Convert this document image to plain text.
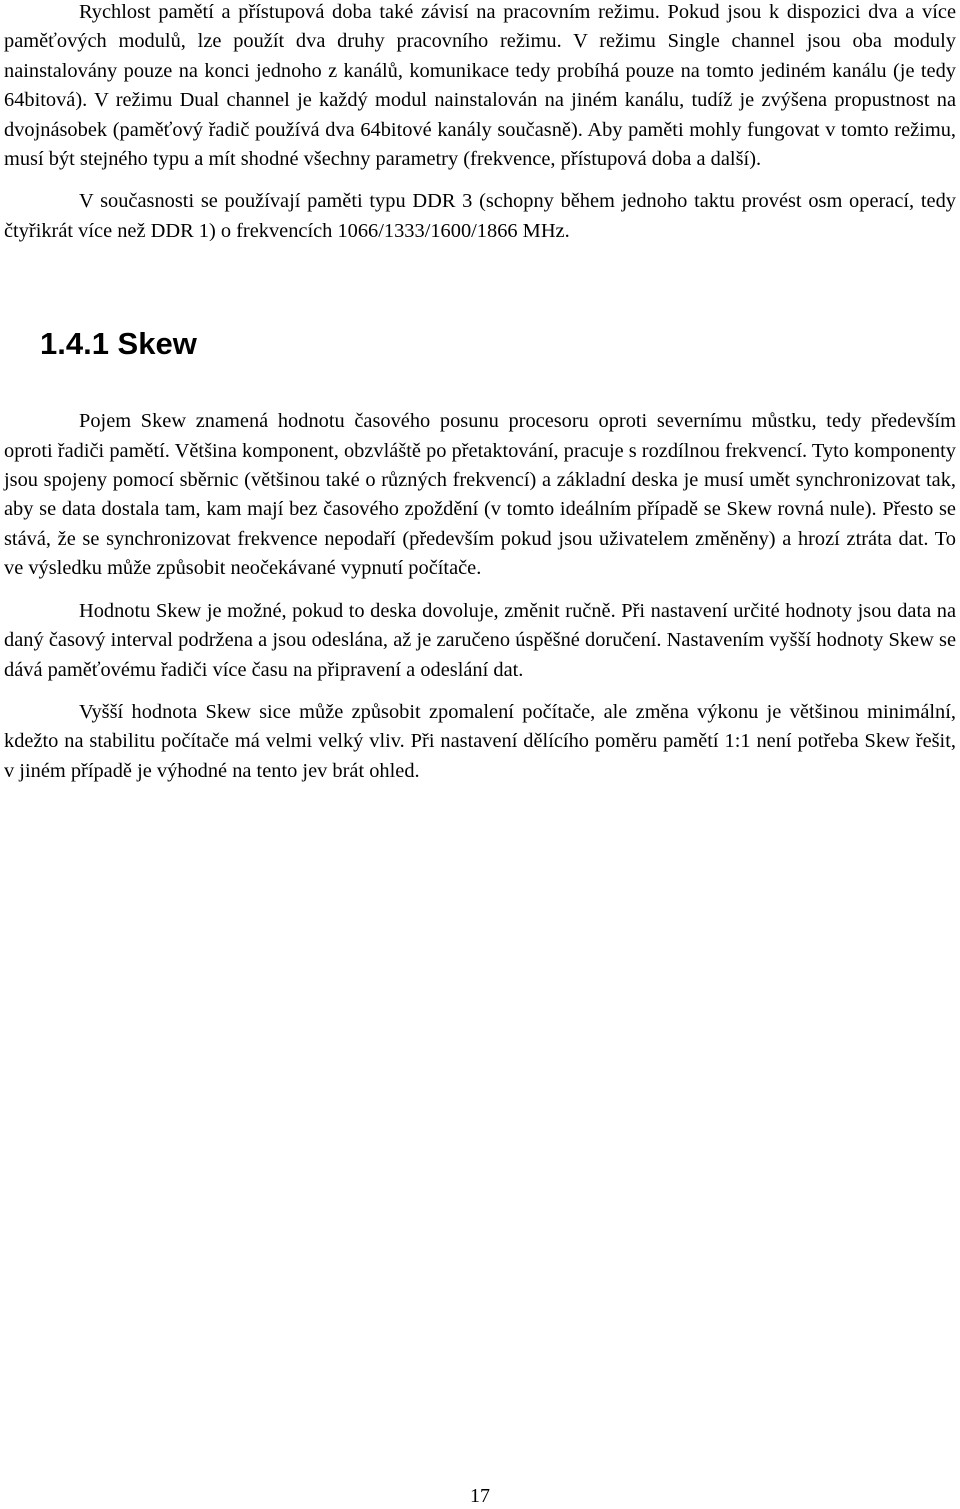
Rychlost pamětí a přístupová doba také závisí na pracovním režimu. Pokud jsou k dispozici dva a více paměťových modulů, lze použít dva druhy pracovního režimu. V režimu Single channel jsou oba moduly nainstalovány pouze na konci jednoho z kanálů, komunikace tedy probíhá pouze na tomto jediném kanálu (je tedy 64bitová). V režimu Dual channel je každý modul nainstalován na jiném kanálu, tudíž je zvýšena propustnost na dvojnásobek (paměťový řadič používá dva 64bitové kanály současně). Aby paměti mohly fungovat v tomto režimu, musí být stejného typu a mít shodné všechny parametry (frekvence, přístupová doba a další).

V současnosti se používají paměti typu DDR 3 (schopny během jednoho taktu provést osm operací, tedy čtyřikrát více než DDR 1) o frekvencích 1066/1333/1600/1866 MHz.

1.4.1 Skew

Pojem Skew znamená hodnotu časového posunu procesoru oproti severnímu můstku, tedy především oproti řadiči pamětí. Většina komponent, obzvláště po přetaktování, pracuje s rozdílnou frekvencí. Tyto komponenty jsou spojeny pomocí sběrnic (většinou také o různých frekvencí) a základní deska je musí umět synchronizovat tak, aby se data dostala tam, kam mají bez časového zpoždění (v tomto ideálním případě se Skew rovná nule). Přesto se stává, že se synchronizovat frekvence nepodaří (především pokud jsou uživatelem změněny) a hrozí ztráta dat. To ve výsledku může způsobit neočekávané vypnutí počítače.

Hodnotu Skew je možné, pokud to deska dovoluje, změnit ručně. Při nastavení určité hodnoty jsou data na daný časový interval podržena a jsou odeslána, až je zaručeno úspěšné doručení. Nastavením vyšší hodnoty Skew se dává paměťovému řadiči více času na připravení a odeslání dat.

Vyšší hodnota Skew sice může způsobit zpomalení počítače, ale změna výkonu je většinou minimální, kdežto na stabilitu počítače má velmi velký vliv. Při nastavení dělícího poměru pamětí 1:1 není potřeba Skew řešit, v jiném případě je výhodné na tento jev brát ohled.

17
